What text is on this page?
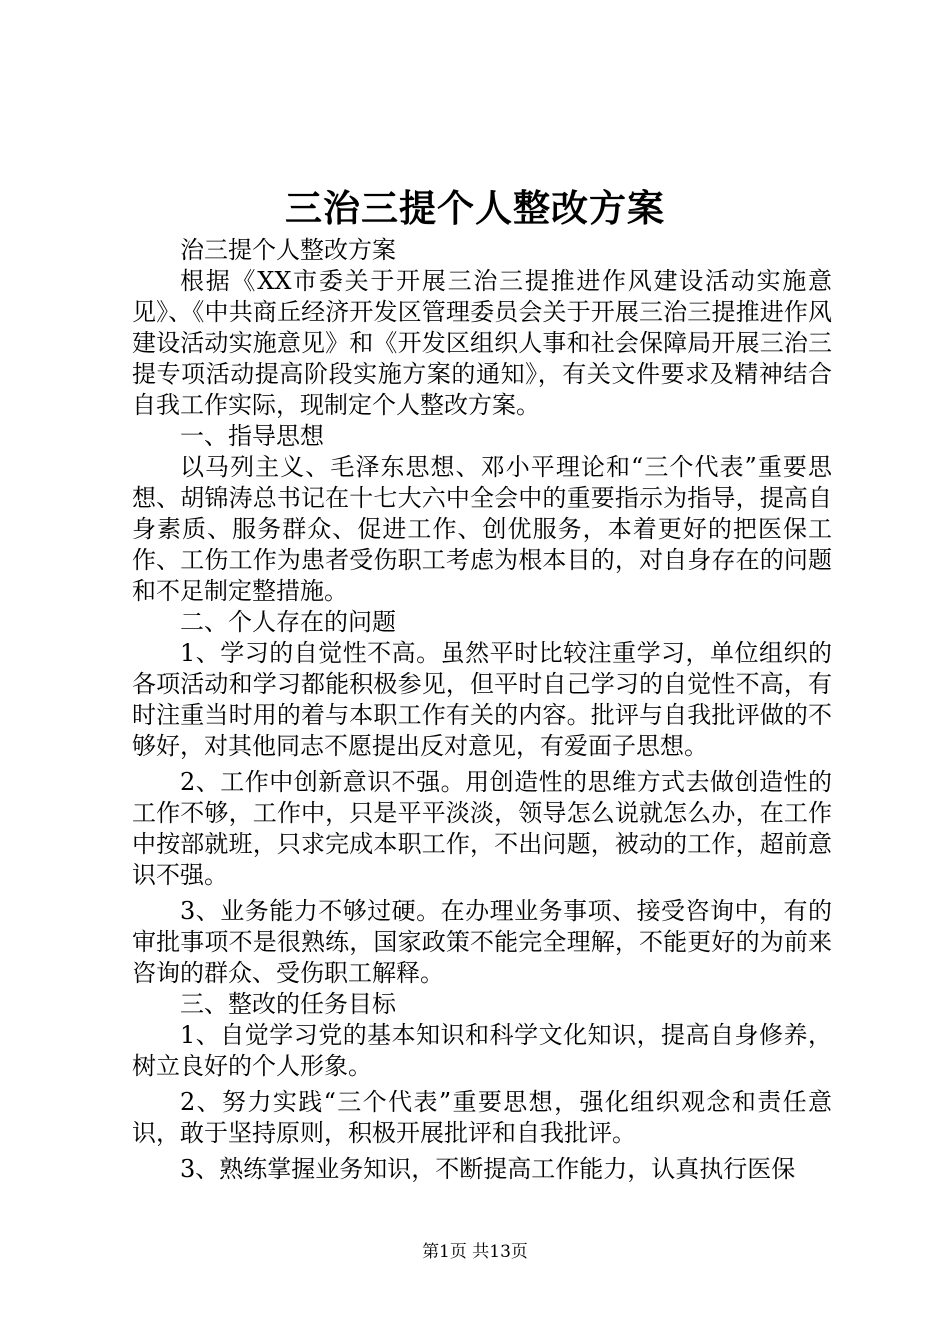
三治三提个人整改方案

治三提个人整改方案

根据《XX市委关于开展三治三提推进作风建设活动实施意见》、《中共商丘经济开发区管理委员会关于开展三治三提推进作风建设活动实施意见》和《开发区组织人事和社会保障局开展三治三提专项活动提高阶段实施方案的通知》，有关文件要求及精神结合自我工作实际，现制定个人整改方案。

一、指导思想

以马列主义、毛泽东思想、邓小平理论和“三个代表”重要思想、胡锦涛总书记在十七大六中全会中的重要指示为指导，提高自身素质、服务群众、促进工作、创优服务，本着更好的把医保工作、工伤工作为患者受伤职工考虑为根本目的，对自身存在的问题和不足制定整措施。

二、个人存在的问题

1、学习的自觉性不高。虽然平时比较注重学习，单位组织的各项活动和学习都能积极参见，但平时自己学习的自觉性不高，有时注重当时用的着与本职工作有关的内容。批评与自我批评做的不够好，对其他同志不愿提出反对意见，有爱面子思想。

2、工作中创新意识不强。用创造性的思维方式去做创造性的工作不够，工作中，只是平平淡淡，领导怎么说就怎么办，在工作中按部就班，只求完成本职工作，不出问题，被动的工作，超前意识不强。

3、业务能力不够过硬。在办理业务事项、接受咨询中，有的审批事项不是很熟练，国家政策不能完全理解，不能更好的为前来咨询的群众、受伤职工解释。

三、整改的任务目标

1、自觉学习党的基本知识和科学文化知识，提高自身修养，树立良好的个人形象。

2、努力实践“三个代表”重要思想，强化组织观念和责任意识，敢于坚持原则，积极开展批评和自我批评。

3、熟练掌握业务知识，不断提高工作能力，认真执行医保

第1页 共13页
